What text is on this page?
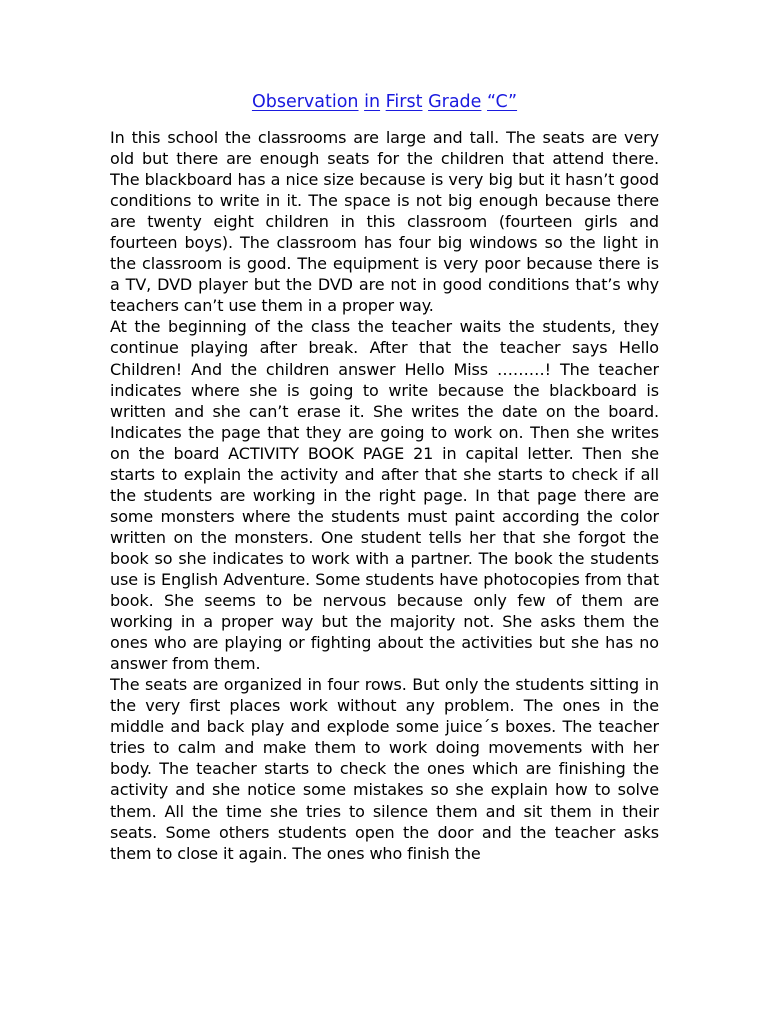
Observation in First Grade “C”

In this school the classrooms are large and tall. The seats are very old but there are enough seats for the children that attend there. The blackboard has a nice size because is very big but it hasn’t good conditions to write in it. The space is not big enough because there are twenty eight children in this classroom (fourteen girls and fourteen boys). The classroom has four big windows so the light in the classroom is good. The equipment is very poor because there is a TV, DVD player but the DVD are not in good conditions that’s why teachers can’t use them in a proper way.

At the beginning of the class the teacher waits the students, they continue playing after break. After that the teacher says Hello Children! And the children answer Hello Miss ………! The teacher indicates where she is going to write because the blackboard is written and she can’t erase it. She writes the date on the board. Indicates the page that they are going to work on. Then she writes on the board ACTIVITY BOOK PAGE 21 in capital letter. Then she starts to explain the activity and after that she starts to check if all the students are working in the right page. In that page there are some monsters where the students must paint according the color written on the monsters. One student tells her that she forgot the book so she indicates to work with a partner. The book the students use is English Adventure. Some students have photocopies from that book. She seems to be nervous because only few of them are working in a proper way but the majority not. She asks them the ones who are playing or fighting about the activities but she has no answer from them.

The seats are organized in four rows. But only the students sitting in the very first places work without any problem. The ones in the middle and back play and explode some juice´s boxes. The teacher tries to calm and make them to work doing movements with her body. The teacher starts to check the ones which are finishing the activity and she notice some mistakes so she explain how to solve them. All the time she tries to silence them and sit them in their seats. Some others students open the door and the teacher asks them to close it again. The ones who finish the
